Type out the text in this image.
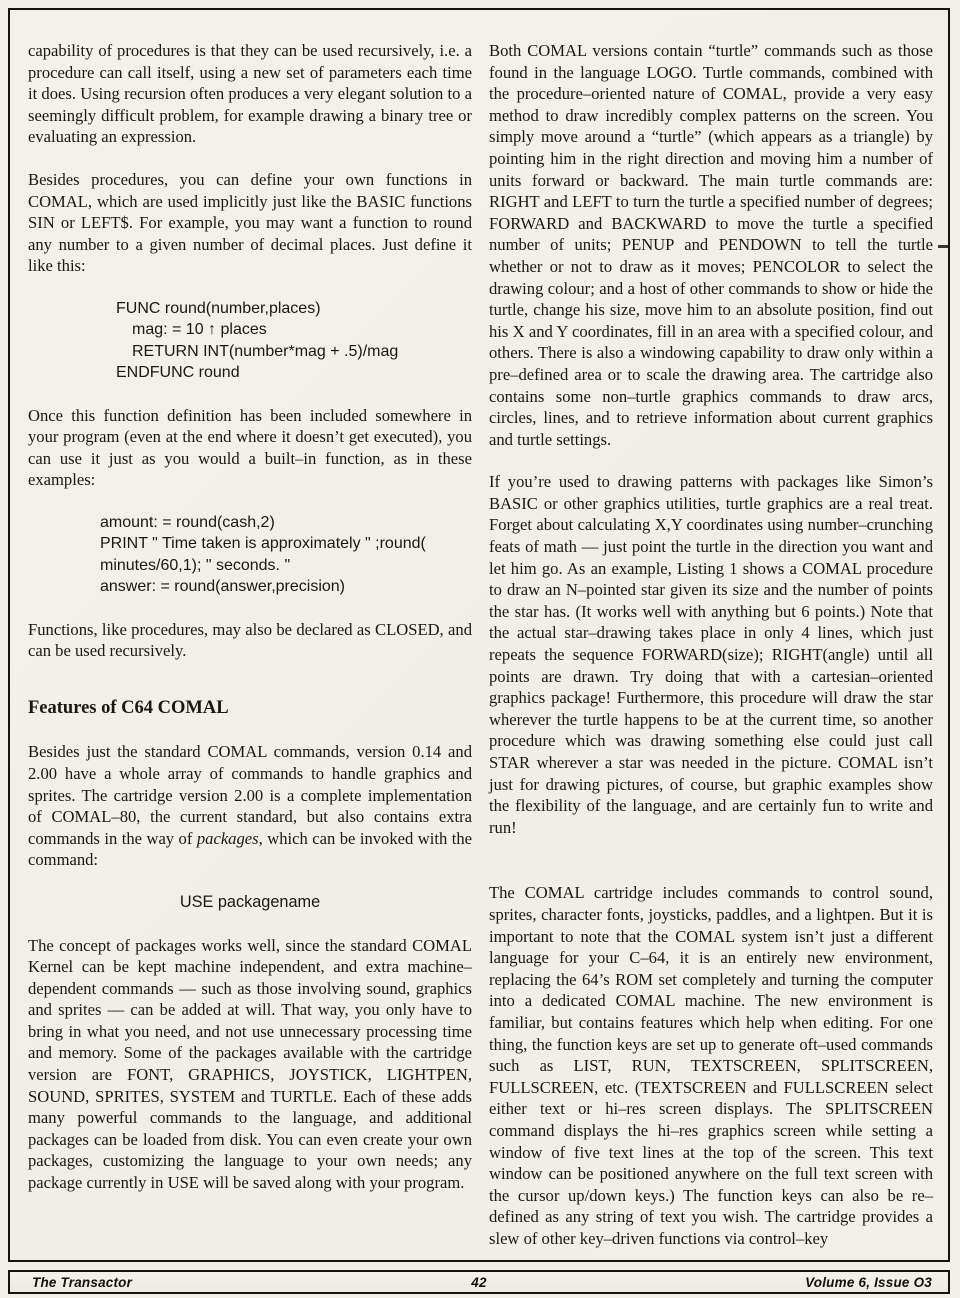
capability of procedures is that they can be used recursively, i.e. a procedure can call itself, using a new set of parameters each time it does. Using recursion often produces a very elegant solution to a seemingly difficult problem, for example drawing a binary tree or evaluating an expression.

Besides procedures, you can define your own functions in COMAL, which are used implicitly just like the BASIC functions SIN or LEFT$. For example, you may want a function to round any number to a given number of decimal places. Just define it like this:

FUNC round(number,places)
mag: = 10 ↑ places
RETURN INT(number*mag + .5)/mag
ENDFUNC round

Once this function definition has been included somewhere in your program (even at the end where it doesn’t get executed), you can use it just as you would a built–in function, as in these examples:

amount: = round(cash,2)
PRINT " Time taken is approximately " ;round(
minutes/60,1); " seconds. "
answer: = round(answer,precision)

Functions, like procedures, may also be declared as CLOSED, and can be used recursively.

Features of C64 COMAL

Besides just the standard COMAL commands, version 0.14 and 2.00 have a whole array of commands to handle graphics and sprites. The cartridge version 2.00 is a complete implementation of COMAL–80, the current standard, but also contains extra commands in the way of packages, which can be invoked with the command:

USE packagename

The concept of packages works well, since the standard COMAL Kernel can be kept machine independent, and extra machine–dependent commands — such as those involving sound, graphics and sprites — can be added at will. That way, you only have to bring in what you need, and not use unnecessary processing time and memory. Some of the packages available with the cartridge version are FONT, GRAPHICS, JOYSTICK, LIGHTPEN, SOUND, SPRITES, SYSTEM and TURTLE. Each of these adds many powerful commands to the language, and additional packages can be loaded from disk. You can even create your own packages, customizing the language to your own needs; any package currently in USE will be saved along with your program.

Both COMAL versions contain “turtle” commands such as those found in the language LOGO. Turtle commands, combined with the procedure–oriented nature of COMAL, provide a very easy method to draw incredibly complex patterns on the screen. You simply move around a “turtle” (which appears as a triangle) by pointing him in the right direction and moving him a number of units forward or backward. The main turtle commands are: RIGHT and LEFT to turn the turtle a specified number of degrees; FORWARD and BACKWARD to move the turtle a specified number of units; PENUP and PENDOWN to tell the turtle whether or not to draw as it moves; PENCOLOR to select the drawing colour; and a host of other commands to show or hide the turtle, change his size, move him to an absolute position, find out his X and Y coordinates, fill in an area with a specified colour, and others. There is also a windowing capability to draw only within a pre–defined area or to scale the drawing area. The cartridge also contains some non–turtle graphics commands to draw arcs, circles, lines, and to retrieve information about current graphics and turtle settings.

If you’re used to drawing patterns with packages like Simon’s BASIC or other graphics utilities, turtle graphics are a real treat. Forget about calculating X,Y coordinates using number–crunching feats of math — just point the turtle in the direction you want and let him go. As an example, Listing 1 shows a COMAL procedure to draw an N–pointed star given its size and the number of points the star has. (It works well with anything but 6 points.) Note that the actual star–drawing takes place in only 4 lines, which just repeats the sequence FORWARD(size); RIGHT(angle) until all points are drawn. Try doing that with a cartesian–oriented graphics package! Furthermore, this procedure will draw the star wherever the turtle happens to be at the current time, so another procedure which was drawing something else could just call STAR wherever a star was needed in the picture. COMAL isn’t just for drawing pictures, of course, but graphic examples show the flexibility of the language, and are certainly fun to write and run!

The COMAL cartridge includes commands to control sound, sprites, character fonts, joysticks, paddles, and a lightpen. But it is important to note that the COMAL system isn’t just a different language for your C–64, it is an entirely new environment, replacing the 64’s ROM set completely and turning the computer into a dedicated COMAL machine. The new environment is familiar, but contains features which help when editing. For one thing, the function keys are set up to generate oft–used commands such as LIST, RUN, TEXTSCREEN, SPLITSCREEN, FULLSCREEN, etc. (TEXTSCREEN and FULLSCREEN select either text or hi–res screen displays. The SPLITSCREEN command displays the hi–res graphics screen while setting a window of five text lines at the top of the screen. This text window can be positioned anywhere on the full text screen with the cursor up/down keys.) The function keys can also be re–defined as any string of text you wish. The cartridge provides a slew of other key–driven functions via control–key

The Transactor	42	Volume 6, Issue O3
